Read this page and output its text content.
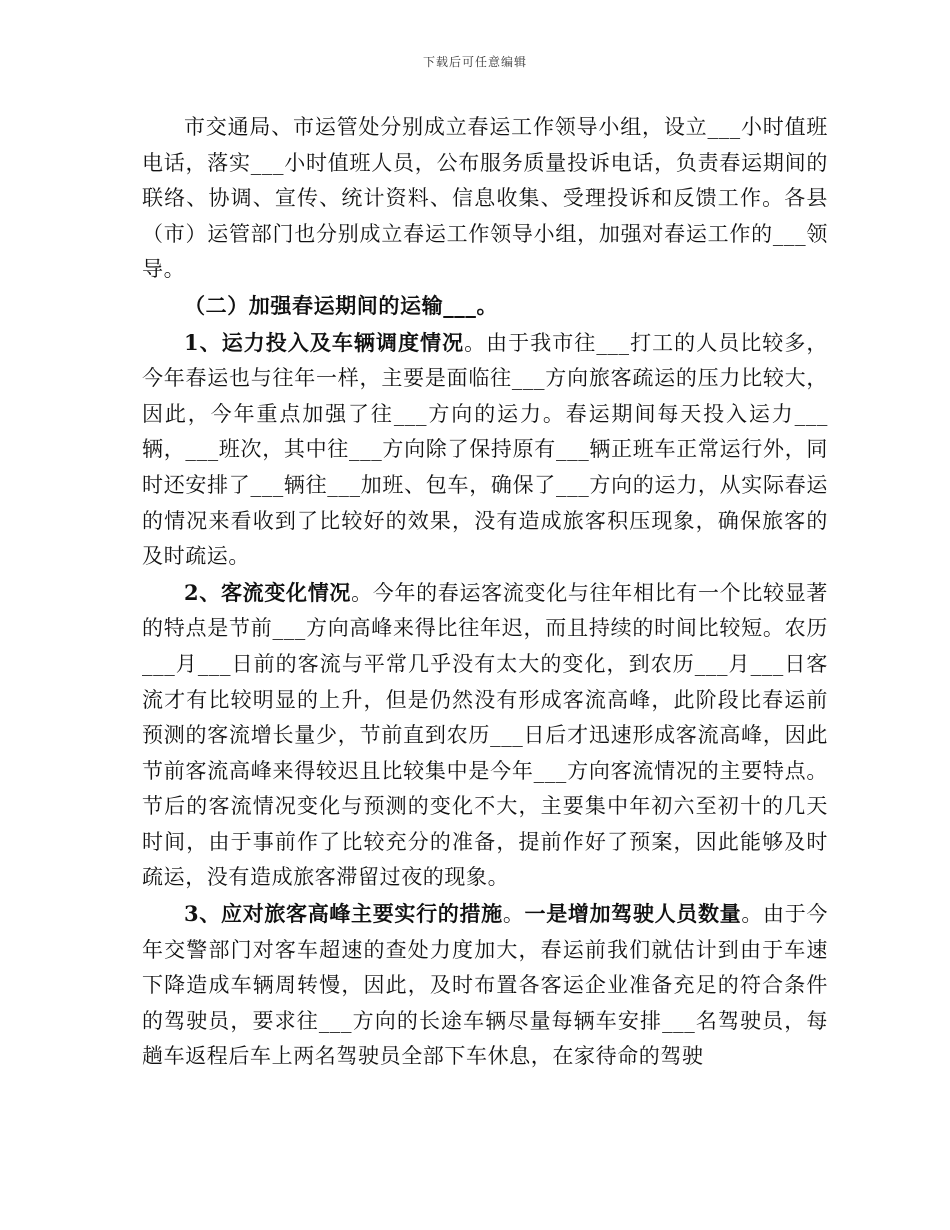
下载后可任意编辑

市交通局、市运管处分别成立春运工作领导小组，设立___小时值班电话，落实___小时值班人员，公布服务质量投诉电话，负责春运期间的联络、协调、宣传、统计资料、信息收集、受理投诉和反馈工作。各县（市）运管部门也分别成立春运工作领导小组，加强对春运工作的___领导。

（二）加强春运期间的运输___。

1、运力投入及车辆调度情况。由于我市往___打工的人员比较多，今年春运也与往年一样，主要是面临往___方向旅客疏运的压力比较大，因此，今年重点加强了往___方向的运力。春运期间每天投入运力___辆，___班次，其中往___方向除了保持原有___辆正班车正常运行外，同时还安排了___辆往___加班、包车，确保了___方向的运力，从实际春运的情况来看收到了比较好的效果，没有造成旅客积压现象，确保旅客的及时疏运。

2、客流变化情况。今年的春运客流变化与往年相比有一个比较显著的特点是节前___方向高峰来得比往年迟，而且持续的时间比较短。农历___月___日前的客流与平常几乎没有太大的变化，到农历___月___日客流才有比较明显的上升，但是仍然没有形成客流高峰，此阶段比春运前预测的客流增长量少，节前直到农历___日后才迅速形成客流高峰，因此节前客流高峰来得较迟且比较集中是今年___方向客流情况的主要特点。节后的客流情况变化与预测的变化不大，主要集中年初六至初十的几天时间，由于事前作了比较充分的准备，提前作好了预案，因此能够及时疏运，没有造成旅客滞留过夜的现象。

3、应对旅客高峰主要实行的措施。一是增加驾驶人员数量。由于今年交警部门对客车超速的查处力度加大，春运前我们就估计到由于车速下降造成车辆周转慢，因此，及时布置各客运企业准备充足的符合条件的驾驶员，要求往___方向的长途车辆尽量每辆车安排___名驾驶员，每趟车返程后车上两名驾驶员全部下车休息，在家待命的驾驶
